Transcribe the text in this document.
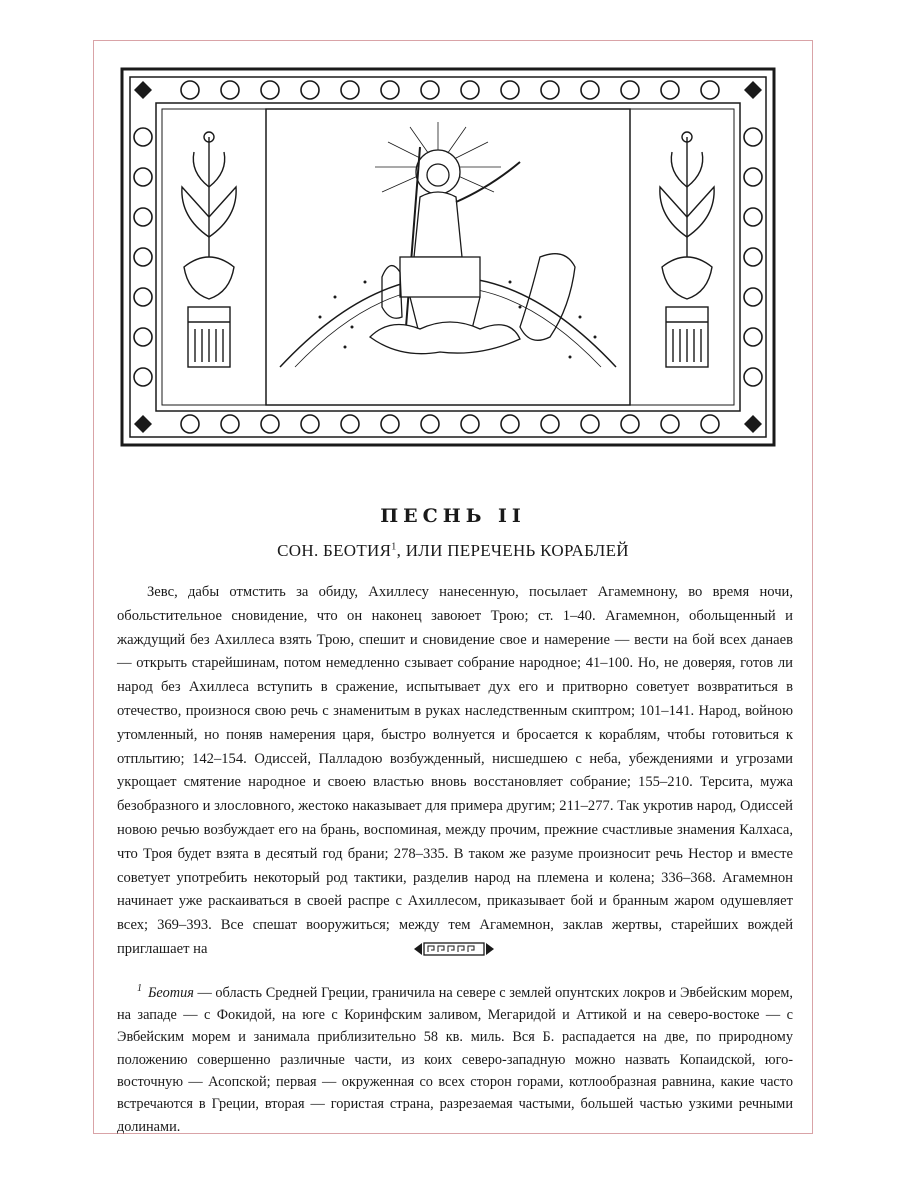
ПЕСНЬ II
СОН. БЕОТИЯ$^1$, ИЛИ ПЕРЕЧЕНЬ КОРАБЛЕЙ

Зевс, дабы отмстить за обиду, Ахиллесу нанесенную, посылает Агамемнону, во время ночи, обольстительное сновидение, что он наконец завоюет Трою; ст. 1–40. Агамемнон, обольщенный и жаждущий без Ахиллеса взять Трою, спешит и сновидение свое и намерение — вести на бой всех данаев — открыть старейшинам, потом немедленно сзывает собрание народное; 41–100. Но, не доверяя, готов ли народ без Ахиллеса вступить в сражение, испытывает дух его и притворно советует возвратиться в отечество, произнося свою речь с знаменитым в руках наследственным скиптром; 101–141. Народ, войною утомленный, но поняв намерения царя, быстро волнуется и бросается к кораблям, чтобы готовиться к отплытию; 142–154. Одиссей, Палладою возбужденный, нисшедшею с неба, убеждениями и угрозами укрощает смятение народное и своею властью вновь восстановляет собрание; 155–210. Терсита, мужа безобразного и злословного, жестоко наказывает для примера другим; 211–277. Так укротив народ, Одиссей новою речью возбуждает его на брань, воспоминая, между прочим, прежние счастливые знамения Калхаса, что Троя будет взята в десятый год брани; 278–335. В таком же разуме произносит речь Нестор и вместе советует употребить некоторый род тактики, разделив народ на племена и колена; 336–368. Агамемнон начинает уже раскаиваться в своей распре с Ахиллесом, приказывает бой и бранным жаром одушевляет всех; 369–393. Все спешат вооружиться; между тем Агамемнон, заклав жертвы, старейших вождей приглашает на

$^1$ Беотия — область Средней Греции, граничила на севере с землей опунтских локров и Эвбейским морем, на западе — с Фокидой, на юге с Коринфским заливом, Мегаридой и Аттикой и на северо-востоке — с Эвбейским морем и занимала приблизительно 58 кв. миль. Вся Б. распадается на две, по природному положению совершенно различные части, из коих северо-западную можно назвать Копаидской, юго-восточную — Асопской; первая — окруженная со всех сторон горами, котлообразная равнина, какие часто встречаются в Греции, вторая — гористая страна, разрезаемая частыми, большей частью узкими речными долинами.
